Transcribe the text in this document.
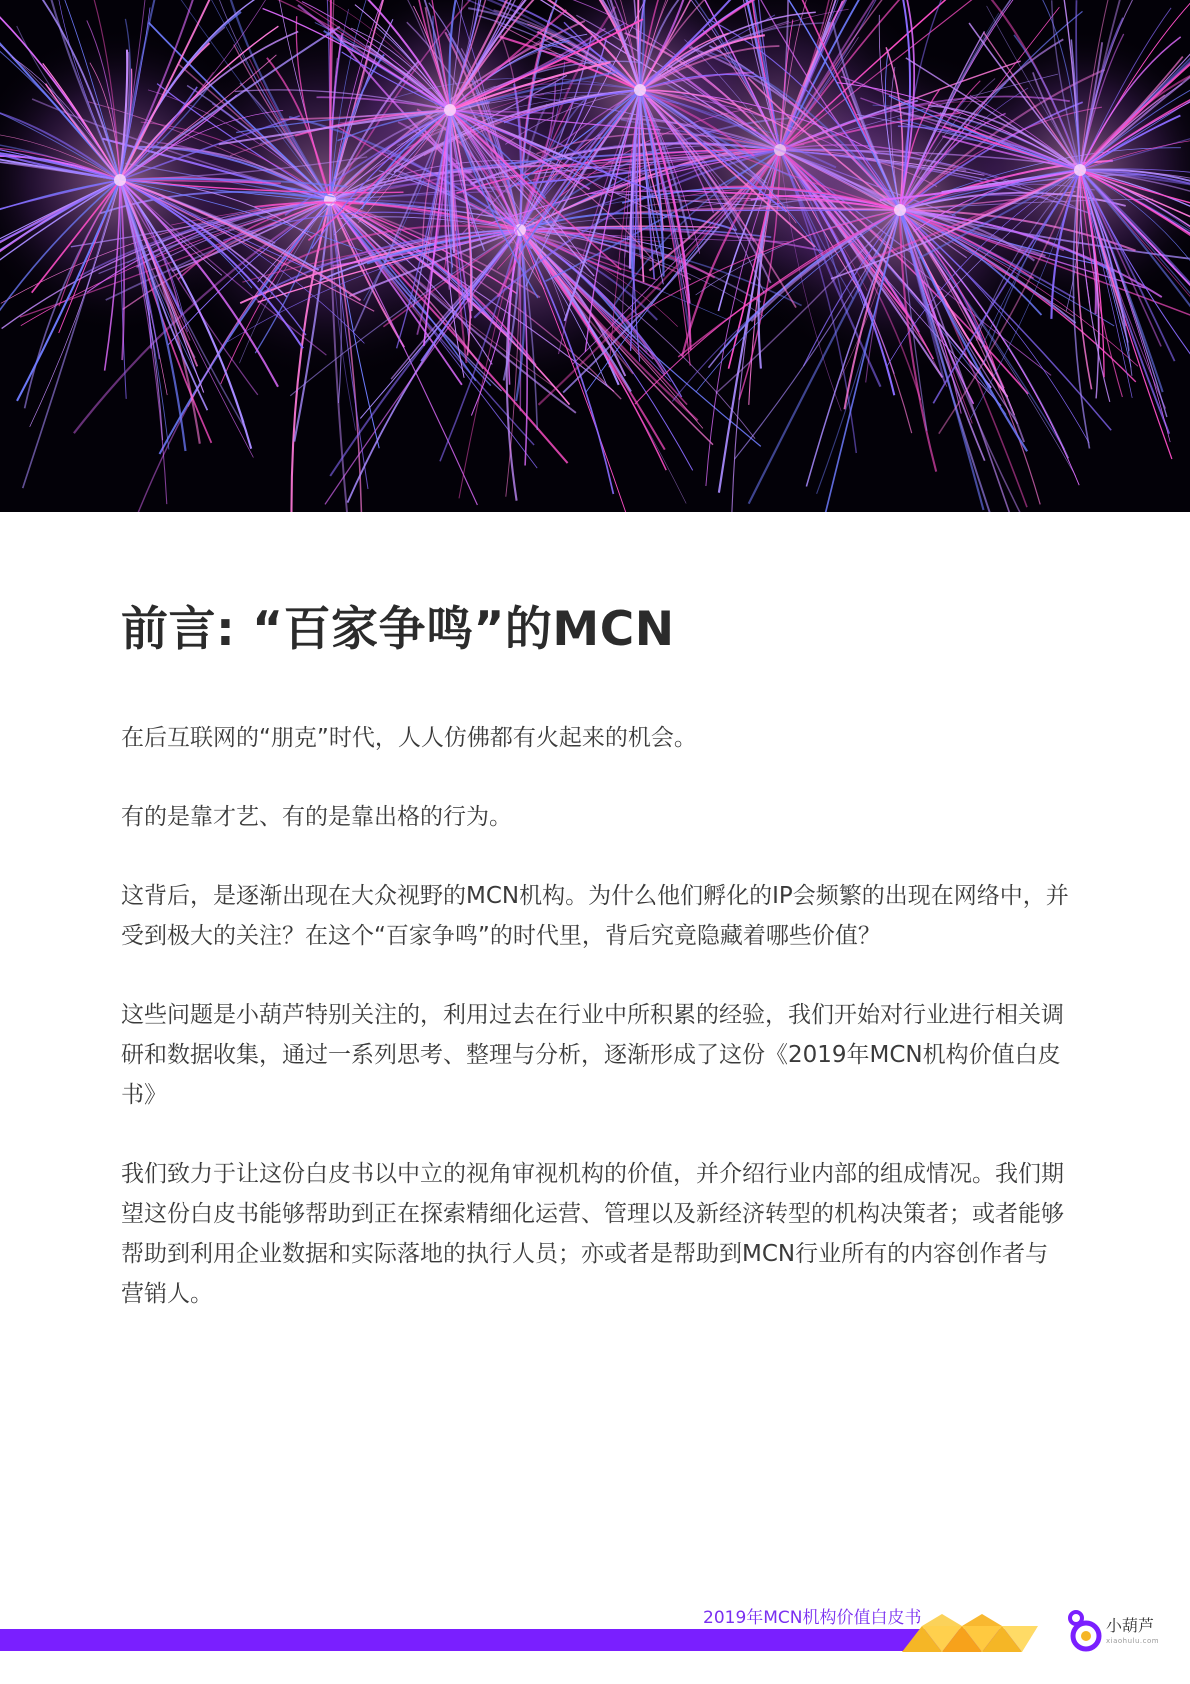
前言: “百家争鸣”的MCN

在后互联网的“朋克”时代，人人仿佛都有火起来的机会。

有的是靠才艺、有的是靠出格的行为。

这背后，是逐渐出现在大众视野的MCN机构。为什么他们孵化的IP会频繁的出现在网络中，并受到极大的关注？在这个“百家争鸣”的时代里，背后究竟隐藏着哪些价值？

这些问题是小葫芦特别关注的，利用过去在行业中所积累的经验，我们开始对行业进行相关调研和数据收集，通过一系列思考、整理与分析，逐渐形成了这份《2019年MCN机构价值白皮书》

我们致力于让这份白皮书以中立的视角审视机构的价值，并介绍行业内部的组成情况。我们期望这份白皮书能够帮助到正在探索精细化运营、管理以及新经济转型的机构决策者；或者能够帮助到利用企业数据和实际落地的执行人员；亦或者是帮助到MCN行业所有的内容创作者与营销人。

2019年MCN机构价值白皮书	小葫芦
xiaohulu.com
